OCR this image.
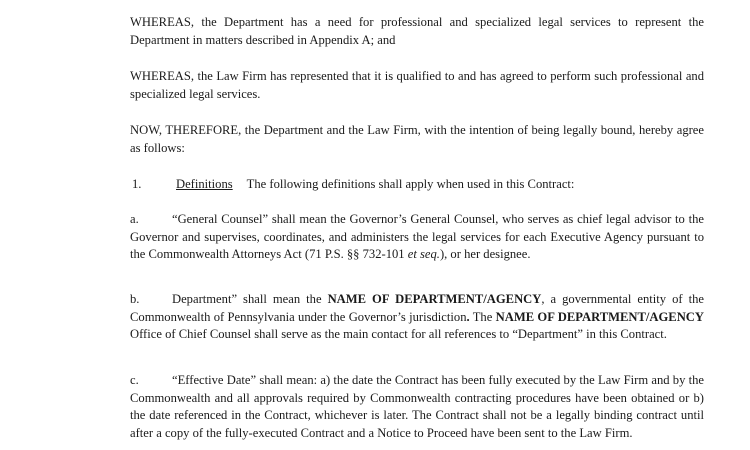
WHEREAS, the Department has a need for professional and specialized legal services to represent the Department in matters described in Appendix A; and

WHEREAS, the Law Firm has represented that it is qualified to and has agreed to perform such professional and specialized legal services.

NOW, THEREFORE, the Department and the Law Firm, with the intention of being legally bound, hereby agree as follows:

1.	Definitions The following definitions shall apply when used in this Contract:

a.	“General Counsel” shall mean the Governor’s General Counsel, who serves as chief legal advisor to the Governor and supervises, coordinates, and administers the legal services for each Executive Agency pursuant to the Commonwealth Attorneys Act (71 P.S. §§ 732-101 et seq.), or her designee.

b.	Department” shall mean the NAME OF DEPARTMENT/AGENCY, a governmental entity of the Commonwealth of Pennsylvania under the Governor’s jurisdiction. The NAME OF DEPARTMENT/AGENCY Office of Chief Counsel shall serve as the main contact for all references to “Department” in this Contract.

c.	“Effective Date” shall mean: a) the date the Contract has been fully executed by the Law Firm and by the Commonwealth and all approvals required by Commonwealth contracting procedures have been obtained or b) the date referenced in the Contract, whichever is later. The Contract shall not be a legally binding contract until after a copy of the fully-executed Contract and a Notice to Proceed have been sent to the Law Firm.
